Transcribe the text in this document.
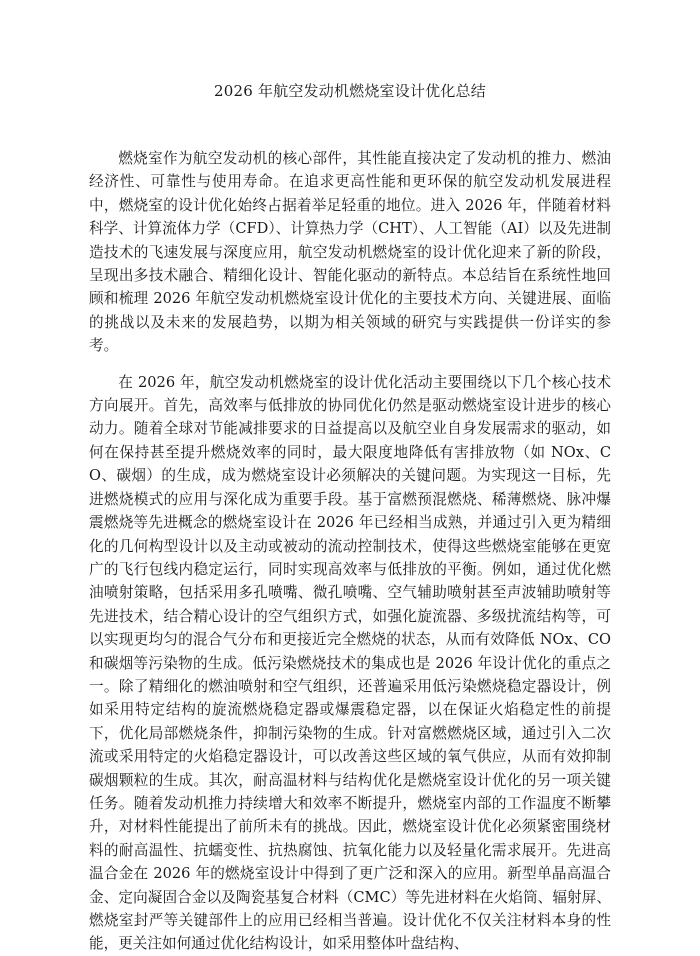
2026 年航空发动机燃烧室设计优化总结

燃烧室作为航空发动机的核心部件，其性能直接决定了发动机的推力、燃油经济性、可靠性与使用寿命。在追求更高性能和更环保的航空发动机发展进程中，燃烧室的设计优化始终占据着举足轻重的地位。进入 2026 年，伴随着材料科学、计算流体力学（CFD）、计算热力学（CHT）、人工智能（AI）以及先进制造技术的飞速发展与深度应用，航空发动机燃烧室的设计优化迎来了新的阶段，呈现出多技术融合、精细化设计、智能化驱动的新特点。本总结旨在系统性地回顾和梳理 2026 年航空发动机燃烧室设计优化的主要技术方向、关键进展、面临的挑战以及未来的发展趋势，以期为相关领域的研究与实践提供一份详实的参考。

在 2026 年，航空发动机燃烧室的设计优化活动主要围绕以下几个核心技术方向展开。首先，高效率与低排放的协同优化仍然是驱动燃烧室设计进步的核心动力。随着全球对节能减排要求的日益提高以及航空业自身发展需求的驱动，如何在保持甚至提升燃烧效率的同时，最大限度地降低有害排放物（如 NOx、CO、碳烟）的生成，成为燃烧室设计必须解决的关键问题。为实现这一目标，先进燃烧模式的应用与深化成为重要手段。基于富燃预混燃烧、稀薄燃烧、脉冲爆震燃烧等先进概念的燃烧室设计在 2026 年已经相当成熟，并通过引入更为精细化的几何构型设计以及主动或被动的流动控制技术，使得这些燃烧室能够在更宽广的飞行包线内稳定运行，同时实现高效率与低排放的平衡。例如，通过优化燃油喷射策略，包括采用多孔喷嘴、微孔喷嘴、空气辅助喷射甚至声波辅助喷射等先进技术，结合精心设计的空气组织方式，如强化旋流器、多级扰流结构等，可以实现更均匀的混合气分布和更接近完全燃烧的状态，从而有效降低 NOx、CO 和碳烟等污染物的生成。低污染燃烧技术的集成也是 2026 年设计优化的重点之一。除了精细化的燃油喷射和空气组织，还普遍采用低污染燃烧稳定器设计，例如采用特定结构的旋流燃烧稳定器或爆震稳定器，以在保证火焰稳定性的前提下，优化局部燃烧条件，抑制污染物的生成。针对富燃燃烧区域，通过引入二次流或采用特定的火焰稳定器设计，可以改善这些区域的氧气供应，从而有效抑制碳烟颗粒的生成。其次，耐高温材料与结构优化是燃烧室设计优化的另一项关键任务。随着发动机推力持续增大和效率不断提升，燃烧室内部的工作温度不断攀升，对材料性能提出了前所未有的挑战。因此，燃烧室设计优化必须紧密围绕材料的耐高温性、抗蠕变性、抗热腐蚀、抗氧化能力以及轻量化需求展开。先进高温合金在 2026 年的燃烧室设计中得到了更广泛和深入的应用。新型单晶高温合金、定向凝固合金以及陶瓷基复合材料（CMC）等先进材料在火焰筒、辐射屏、燃烧室封严等关键部件上的应用已经相当普遍。设计优化不仅关注材料本身的性能，更关注如何通过优化结构设计，如采用整体叶盘结构、
